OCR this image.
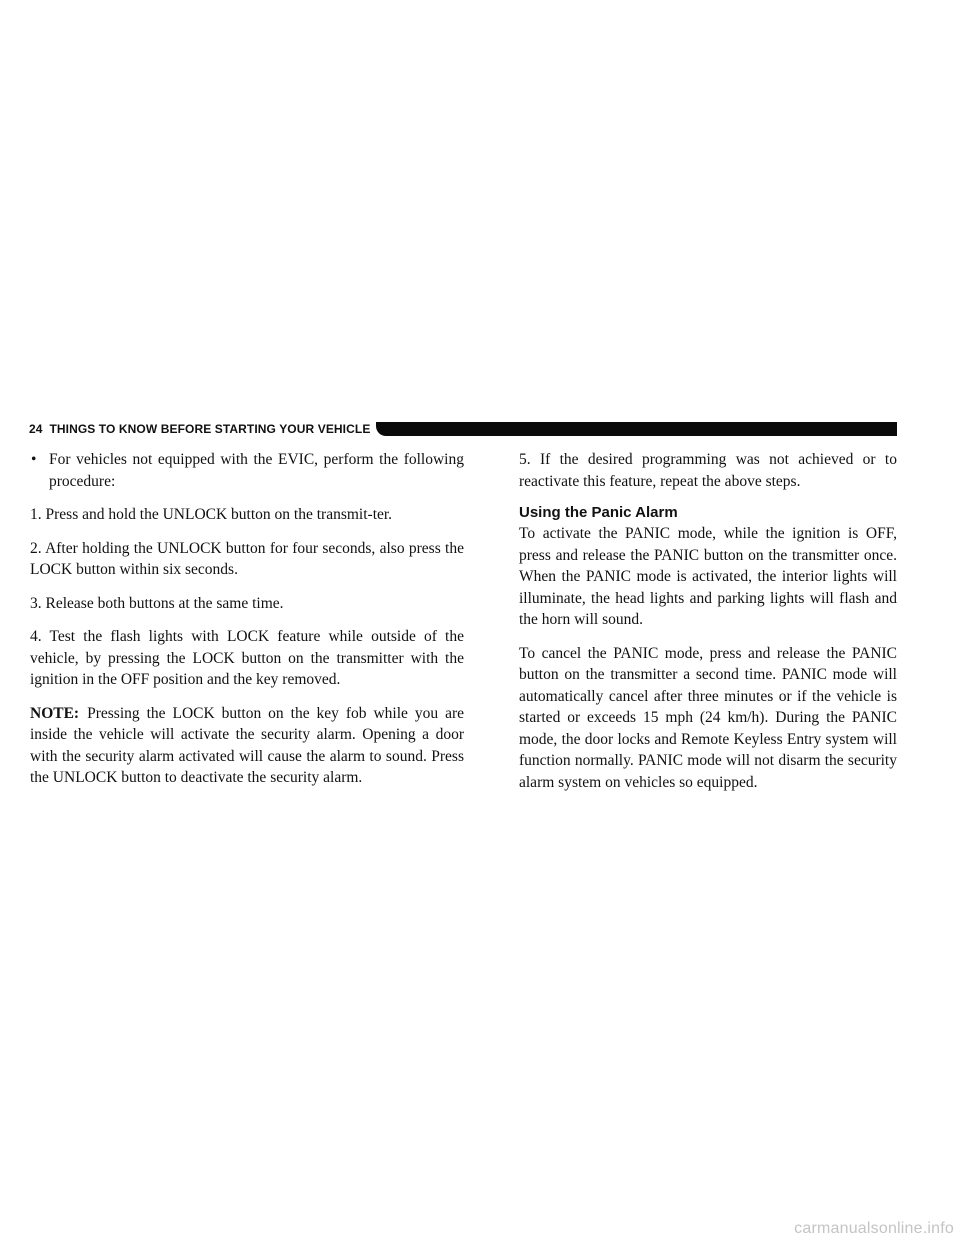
24 THINGS TO KNOW BEFORE STARTING YOUR VEHICLE
• For vehicles not equipped with the EVIC, perform the following procedure:

1. Press and hold the UNLOCK button on the transmit-ter.

2. After holding the UNLOCK button for four seconds, also press the LOCK button within six seconds.

3. Release both buttons at the same time.

4. Test the flash lights with LOCK feature while outside of the vehicle, by pressing the LOCK button on the transmitter with the ignition in the OFF position and the key removed.

NOTE: Pressing the LOCK button on the key fob while you are inside the vehicle will activate the security alarm. Opening a door with the security alarm activated will cause the alarm to sound. Press the UNLOCK button to deactivate the security alarm.

5. If the desired programming was not achieved or to reactivate this feature, repeat the above steps.

Using the Panic Alarm

To activate the PANIC mode, while the ignition is OFF, press and release the PANIC button on the transmitter once. When the PANIC mode is activated, the interior lights will illuminate, the head lights and parking lights will flash and the horn will sound.

To cancel the PANIC mode, press and release the PANIC button on the transmitter a second time. PANIC mode will automatically cancel after three minutes or if the vehicle is started or exceeds 15 mph (24 km/h). During the PANIC mode, the door locks and Remote Keyless Entry system will function normally. PANIC mode will not disarm the security alarm system on vehicles so equipped.

carmanualsonline.info
